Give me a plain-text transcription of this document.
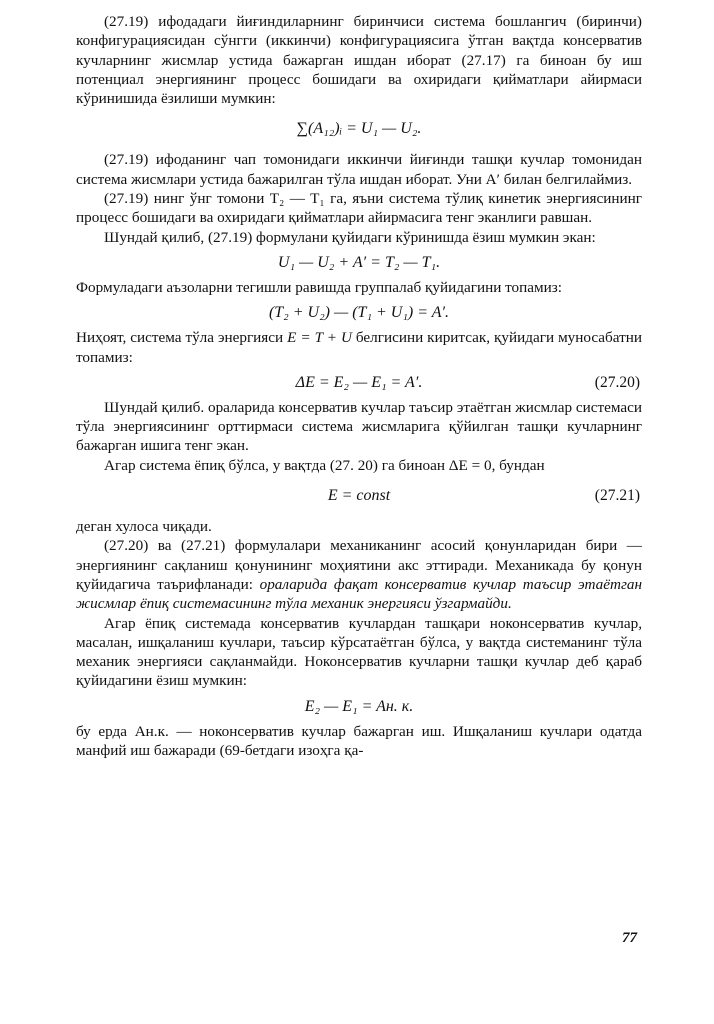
(27.19) ифодадаги йиғиндиларнинг биринчиси система бошлангич (биринчи) конфигурациясидан сўнгги (иккинчи) конфигурациясига ўтган вақтда консерватив кучларнинг жисмлар устида бажарган ишдан иборат (27.17) га биноан бу иш потенциал энергиянинг процесс бошидаги ва охиридаги қийматлари айирмаси кўринишида ёзилиши мумкин:

∑(A₁₂)ᵢ = U₁ — U₂.

(27.19) ифоданинг чап томонидаги иккинчи йиғинди ташқи кучлар томонидан система жисмлари устида бажарилган тўла ишдан иборат. Уни A′ билан белгилаймиз.

(27.19) нинг ўнг томони T₂ — T₁ га, яъни система тўлиқ кинетик энергиясининг процесс бошидаги ва охиридаги қийматлари айирмасига тенг эканлиги равшан.

Шундай қилиб, (27.19) формулани қуйидаги кўринишда ёзиш мумкин экан:

U₁ — U₂ + A′ = T₂ — T₁.

Формуладаги аъзоларни тегишли равишда группалаб қуйидагини топамиз:

(T₂ + U₂) — (T₁ + U₁) = A′.

Ниҳоят, система тўла энергияси E = T + U белгисини киритсак, қуйидаги муносабатни топамиз:

ΔE = E₂ — E₁ = A′.	(27.20)

Шундай қилиб. ораларида консерватив кучлар таъсир этаётган жисмлар системаси тўла энергиясининг орттирмаси система жисмларига қўйилган ташқи кучларнинг бажарган ишига тенг экан.

Агар система ёпиқ бўлса, у вақтда (27. 20) га биноан ΔE = 0, бундан

E = const	(27.21)

деган хулоса чиқади.

(27.20) ва (27.21) формулалари механиканинг асосий қонунларидан бири — энергиянинг сақланиш қонунининг моҳиятини акс эттиради. Механикада бу қонун қуйидагича таърифланади: ораларида фақат консерватив кучлар таъсир этаётган жисмлар ёпиқ системасининг тўла механик энергияси ўзгармайди.

Агар ёпиқ системада консерватив кучлардан ташқари ноконсерватив кучлар, масалан, ишқаланиш кучлари, таъсир кўрсатаётган бўлса, у вақтда системанинг тўла механик энергияси сақланмайди. Ноконсерватив кучларни ташқи кучлар деб қараб қуйидагини ёзиш мумкин:

E₂ — E₁ = Aн. к.

бу ерда Aн.к. — ноконсерватив кучлар бажарган иш. Ишқаланиш кучлари одатда манфий иш бажаради (69-бетдаги изоҳга қа-

77
